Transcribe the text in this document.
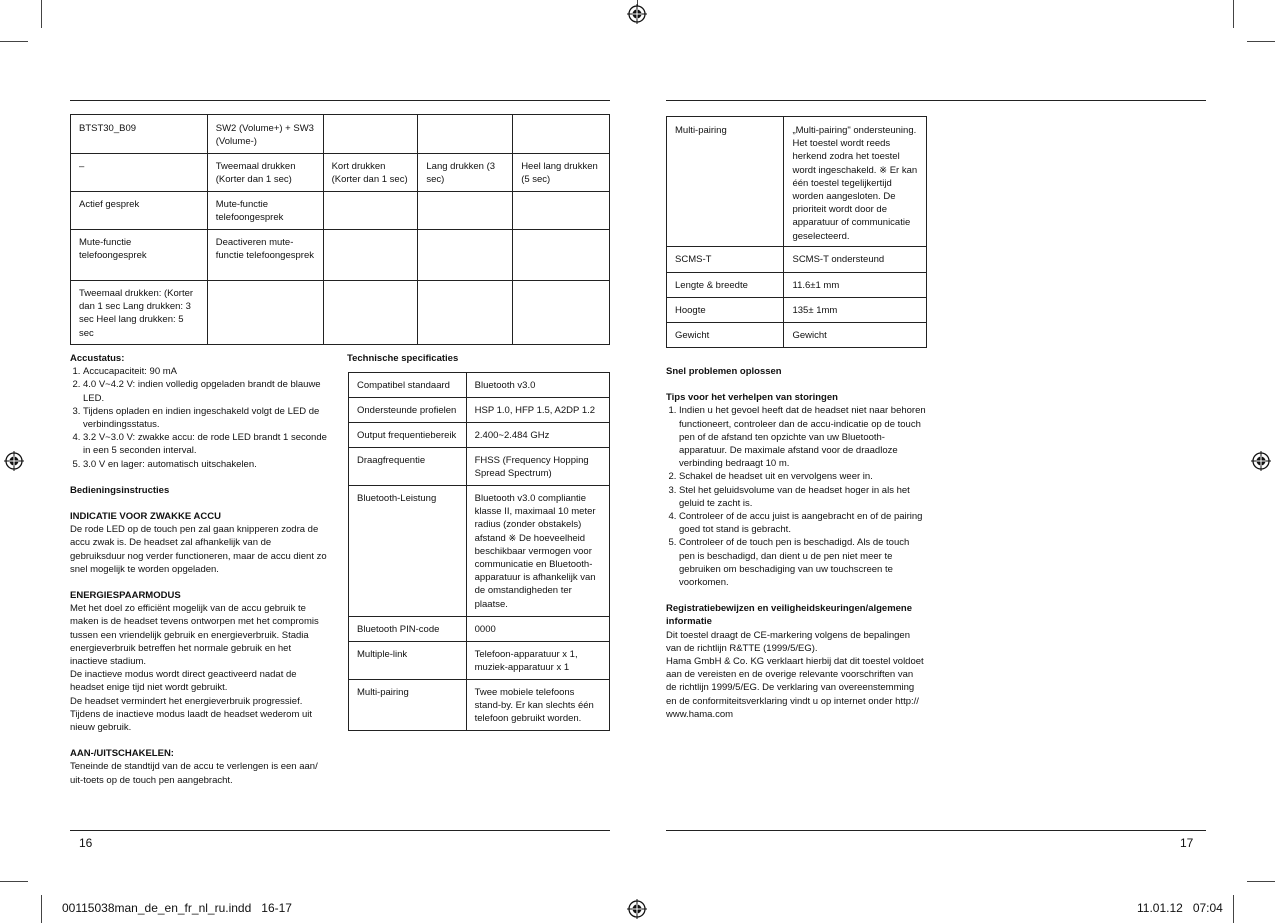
BTST30_B09	SW2 (Volume+) + SW3 (Volume-)			
–	Tweemaal drukken (Korter dan 1 sec)	Kort drukken (Korter dan 1 sec)	Lang drukken (3 sec)	Heel lang drukken (5 sec)
Actief gesprek	Mute-functie telefoongesprek			
Mute-functie telefoongesprek	Deactiveren mute-functie telefoongesprek			
Tweemaal drukken: (Korter dan 1 sec Lang drukken: 3 sec Heel lang drukken: 5 sec				
Accustatus:
1. Accucapaciteit: 90 mA
2. 4.0 V~4.2 V: indien volledig opgeladen brandt de blauwe LED.
3. Tijdens opladen en indien ingeschakeld volgt de LED de verbindingsstatus.
4. 3.2 V~3.0 V: zwakke accu: de rode LED brandt 1 seconde in een 5 seconden interval.
5. 3.0 V en lager: automatisch uitschakelen.
Bedieningsinstructies
INDICATIE VOOR ZWAKKE ACCU

De rode LED op de touch pen zal gaan knipperen zodra de accu zwak is. De headset zal afhankelijk van de gebruiksduur nog verder functioneren, maar de accu dient zo snel mogelijk te worden opgeladen.

ENERGIESPAARMODUS

Met het doel zo efficiënt mogelijk van de accu gebruik te maken is de headset tevens ontworpen met het compromis tussen een vriendelijk gebruik en energieverbruik. Stadia energieverbruik betreffen het normale gebruik en het inactieve stadium.

De inactieve modus wordt direct geactiveerd nadat de headset enige tijd niet wordt gebruikt.

De headset vermindert het energieverbruik progressief.

Tijdens de inactieve modus laadt de headset wederom uit nieuw gebruik.

AAN-/UITSCHAKELEN:

Teneinde de standtijd van de accu te verlengen is een aan/ uit-toets op de touch pen aangebracht.

Technische specificaties
Compatibel standaard	Bluetooth v3.0
Ondersteunde profielen	HSP 1.0, HFP 1.5, A2DP 1.2
Output frequentiebereik	2.400~2.484 GHz
Draagfrequentie	FHSS (Frequency Hopping Spread Spectrum)
Bluetooth-Leistung	Bluetooth v3.0 compliantie klasse II, maximaal 10 meter radius (zonder obstakels) afstand ※ De hoeveelheid beschikbaar vermogen voor communicatie en Bluetooth-apparatuur is afhankelijk van de omstandigheden ter plaatse.
Bluetooth PIN-code	0000
Multiple-link	Telefoon-apparatuur x 1, muziek-apparatuur x 1
Multi-pairing	Twee mobiele telefoons stand-by. Er kan slechts één telefoon gebruikt worden.
16
Multi-pairing	„Multi-pairing" ondersteuning. Het toestel wordt reeds herkend zodra het toestel wordt ingeschakeld. ※ Er kan één toestel tegelijkertijd worden aangesloten. De prioriteit wordt door de apparatuur of communicatie geselecteerd.
SCMS-T	SCMS-T ondersteund
Lengte & breedte	11.6±1 mm
Hoogte	135± 1mm
Gewicht	Gewicht
Snel problemen oplossen
Tips voor het verhelpen van storingen
1. Indien u het gevoel heeft dat de headset niet naar behoren functioneert, controleer dan de accu-indicatie op de touch pen of de afstand ten opzichte van uw Bluetooth-apparatuur. De maximale afstand voor de draadloze verbinding bedraagt 10 m.
2. Schakel de headset uit en vervolgens weer in.
3. Stel het geluidsvolume van de headset hoger in als het geluid te zacht is.
4. Controleer of de accu juist is aangebracht en of de pairing goed tot stand is gebracht.
5. Controleer of de touch pen is beschadigd. Als de touch pen is beschadigd, dan dient u de pen niet meer te gebruiken om beschadiging van uw touchscreen te voorkomen.
Registratiebewijzen en veiligheidskeuringen/algemene informatie

Dit toestel draagt de CE-markering volgens de bepalingen van de richtlijn R&TTE (1999/5/EG).

Hama GmbH & Co. KG verklaart hierbij dat dit toestel voldoet aan de vereisten en de overige relevante voorschriften van de richtlijn 1999/5/EG. De verklaring van overeenstemming en de conformiteitsverklaring vindt u op internet onder http:// www.hama.com

17
00115038man_de_en_fr_nl_ru.indd   16-17	11.01.12   07:04
